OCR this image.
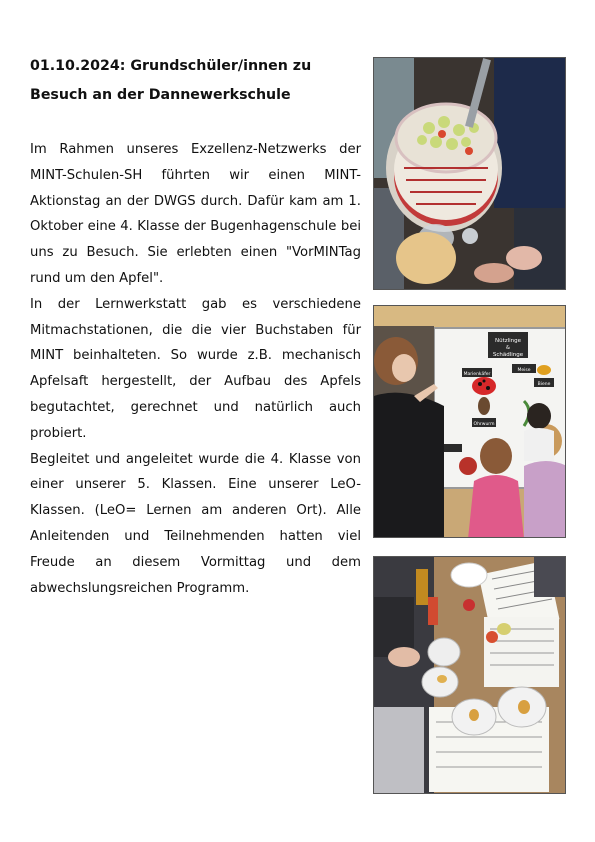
01.10.2024: Grundschüler/innen zu Besuch an der Dannewerkschule

Im Rahmen unseres Exzellenz-Netzwerks der MINT-Schulen-SH führten wir einen MINT-Aktionstag an der DWGS durch. Dafür kam am 1. Oktober eine 4. Klasse der Bugenhagenschule bei uns zu Besuch. Sie erlebten einen "VorMINTag rund um den Apfel".

In der Lernwerkstatt gab es verschiedene Mitmachstationen, die die vier Buchstaben für MINT beinhalteten. So wurde z.B. mechanisch Apfelsaft hergestellt, der Aufbau des Apfels begutachtet, gerechnet und natürlich auch probiert.

Begleitet und angeleitet wurde die 4. Klasse von einer unserer 5. Klassen. Eine unserer LeO-Klassen. (LeO= Lernen am anderen Ort). Alle Anleitenden und Teilnehmenden hatten viel Freude an diesem Vormittag und dem abwechslungsreichen Programm.

Nützlinge
&
Schädlinge
Marienkäfer
Meise
Biene
Ohrwurm
